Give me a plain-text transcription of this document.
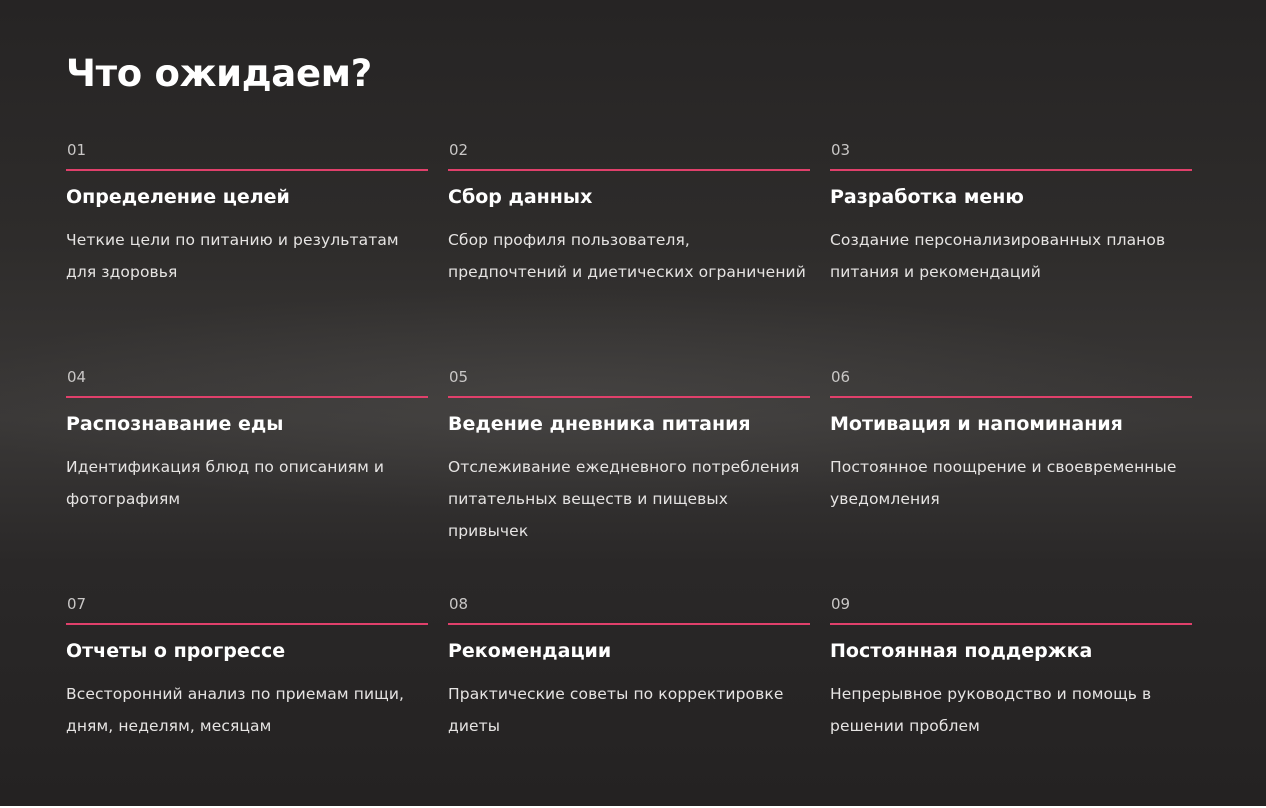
Что ожидаем?
01
Определение целей
Четкие цели по питанию и результатам для здоровья
02
Сбор данных
Сбор профиля пользователя, предпочтений и диетических ограничений
03
Разработка меню
Создание персонализированных планов питания и рекомендаций
04
Распознавание еды
Идентификация блюд по описаниям и фотографиям
05
Ведение дневника питания
Отслеживание ежедневного потребления питательных веществ и пищевых привычек
06
Мотивация и напоминания
Постоянное поощрение и своевременные уведомления
07
Отчеты о прогрессе
Всесторонний анализ по приемам пищи, дням, неделям, месяцам
08
Рекомендации
Практические советы по корректировке диеты
09
Постоянная поддержка
Непрерывное руководство и помощь в решении проблем
